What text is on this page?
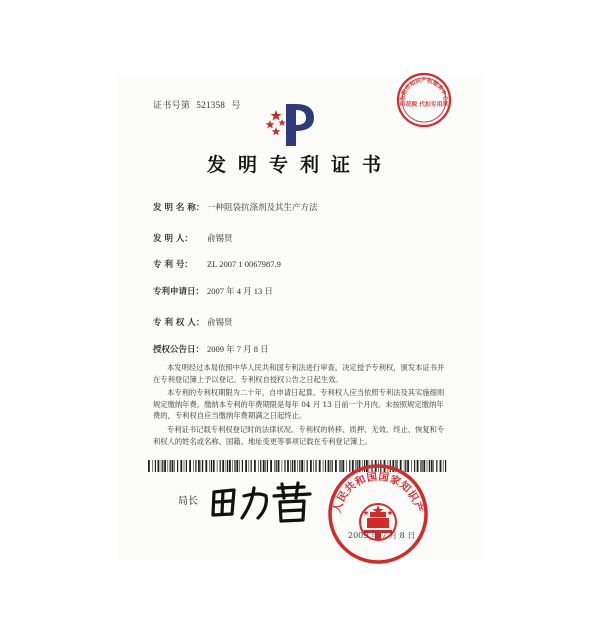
证书号第 521358 号
发明专利证书
发 明 名 称： 一种阻袋抗涤剂及其生产方法
发 明 人： 俞锡贤
专 利 号： ZL 2007 1 0067987.9
专利申请日： 2007 年 4 月 13 日
专 利 权 人： 俞锡贤
授权公告日： 2009 年 7 月 8 日

本发明经过本局依照中华人民共和国专利法进行审查，决定授予专利权，颁发本证书并在专利登记簿上予以登记。专利权自授权公告之日起生效。

本专利的专利权期限为二十年，自申请日起算。专利权人应当依照专利法及其实施细则规定缴纳年费。缴纳本专利的年费期限是每年 04 月 13 日前一个月内。未按照规定缴纳年费的，专利权自应当缴纳年费期满之日起终止。

专利证书记载专利权登记时的法律状况。专利权的转移、质押、无效、终止、恢复和专利权人的姓名或名称、国籍、地址变更等事项记载在专利登记簿上。

局长
田力普
人民共和国国家知识产
2009 年 7 月 8 日
东阳市知识产权服务中心
印花税 代扣专用章
